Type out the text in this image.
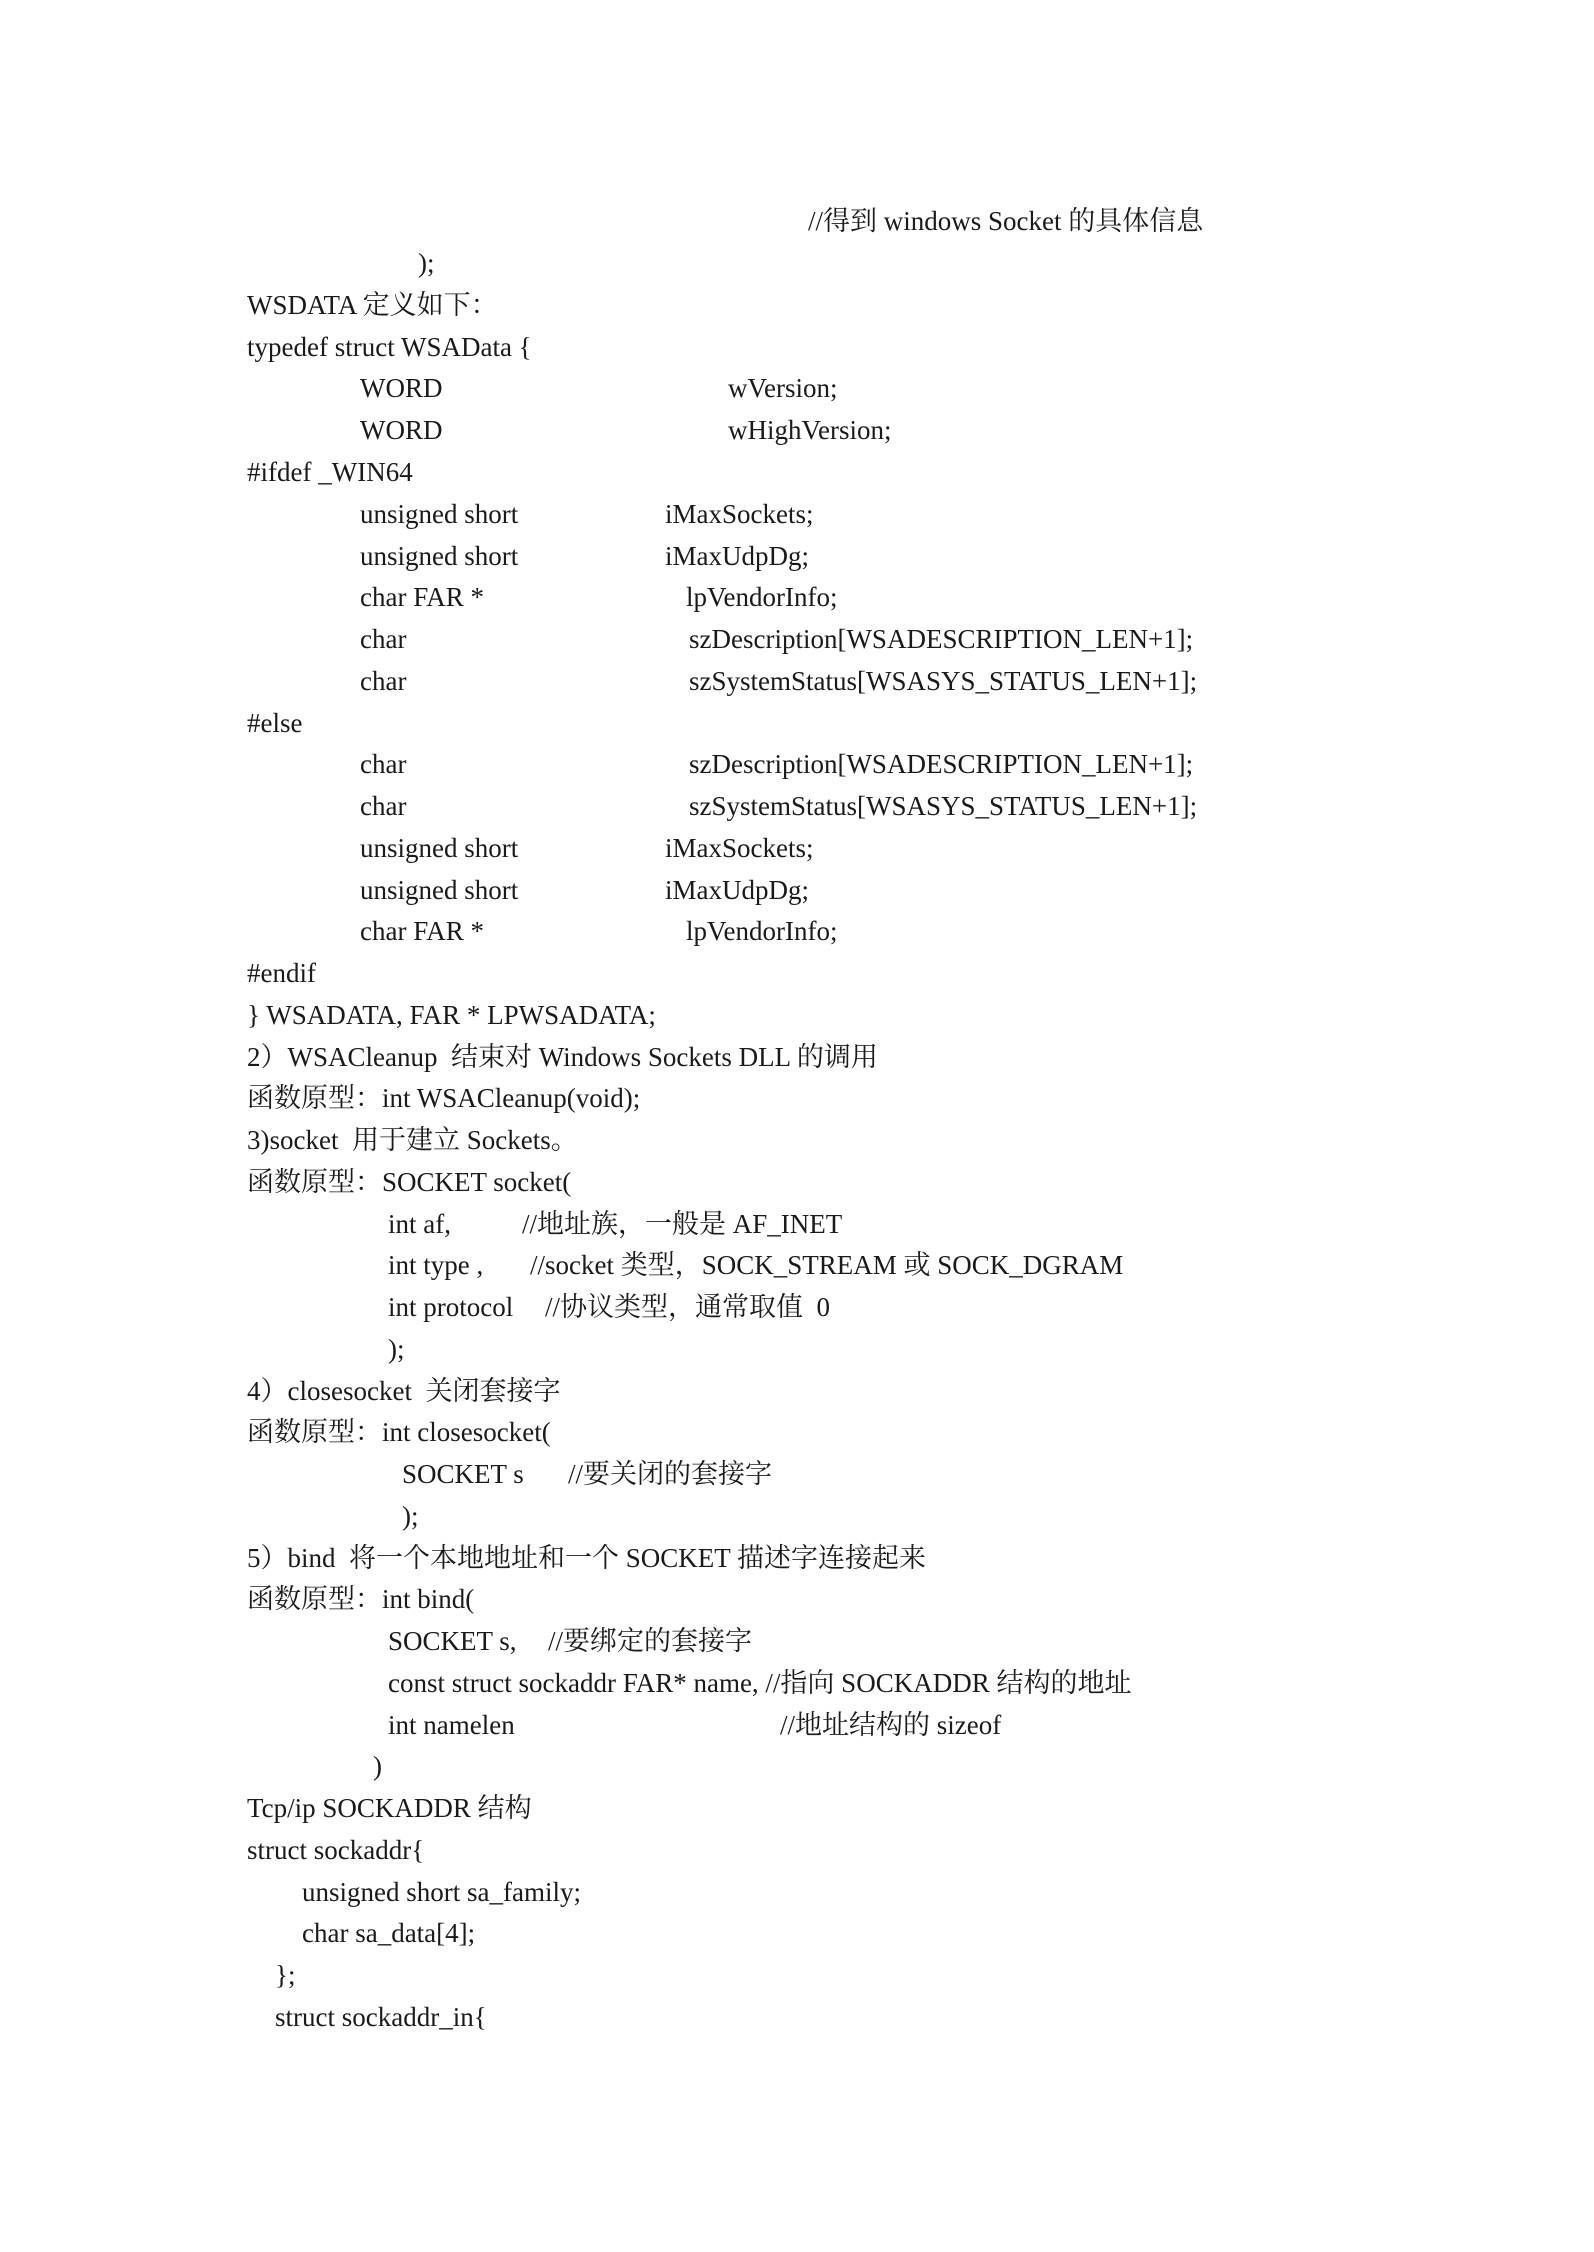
//得到 windows Socket 的具体信息
);
WSDATA 定义如下：
typedef struct WSAData {
WORD	wVersion;
WORD	wHighVersion;
#ifdef _WIN64
unsigned short	iMaxSockets;
unsigned short	iMaxUdpDg;
char FAR *	lpVendorInfo;
char	szDescription[WSADESCRIPTION_LEN+1];
char	szSystemStatus[WSASYS_STATUS_LEN+1];
#else
char	szDescription[WSADESCRIPTION_LEN+1];
char	szSystemStatus[WSASYS_STATUS_LEN+1];
unsigned short	iMaxSockets;
unsigned short	iMaxUdpDg;
char FAR *	lpVendorInfo;
#endif
} WSADATA, FAR * LPWSADATA;
2）WSACleanup  结束对 Windows Sockets DLL 的调用
函数原型：int WSACleanup(void);
3)socket  用于建立 Sockets。
函数原型：SOCKET socket(
int af,	//地址族，一般是 AF_INET
int type , //socket 类型，SOCK_STREAM 或 SOCK_DGRAM
int protocol //协议类型，通常取值  0
);
4）closesocket  关闭套接字
函数原型：int closesocket(
SOCKET s //要关闭的套接字
);
5）bind  将一个本地地址和一个 SOCKET 描述字连接起来
函数原型：int bind(
SOCKET s, //要绑定的套接字
const struct sockaddr FAR* name, //指向 SOCKADDR 结构的地址
int namelen	//地址结构的 sizeof
)
Tcp/ip SOCKADDR 结构
struct sockaddr{
unsigned short sa_family;
char sa_data[4];
};
struct sockaddr_in{
